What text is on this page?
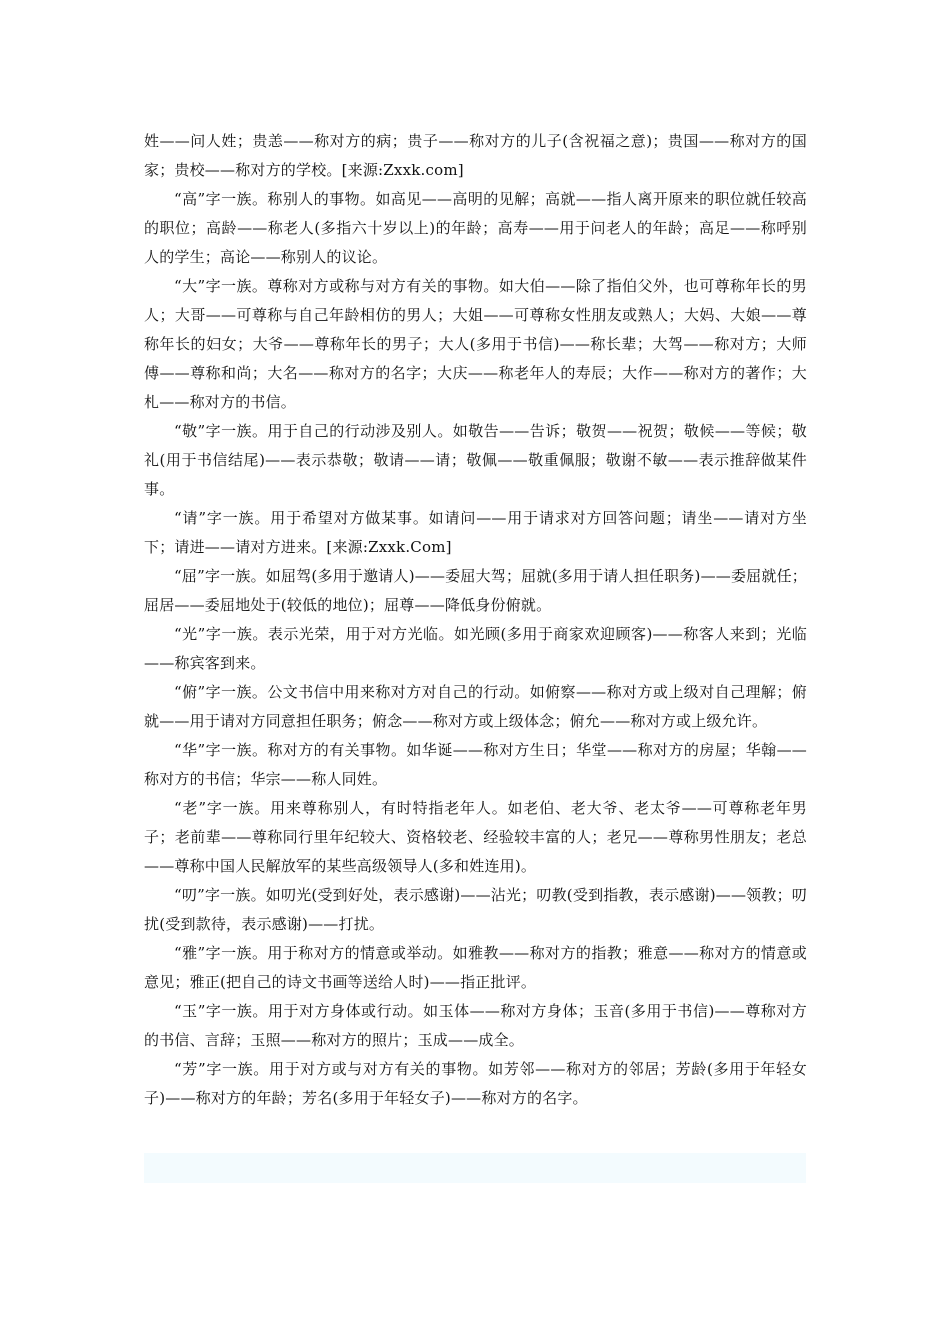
姓——问人姓；贵恙——称对方的病；贵子——称对方的儿子(含祝福之意)；贵国——称对方的国家；贵校——称对方的学校。[来源:Zxxk.com]

“高”字一族。称别人的事物。如高见——高明的见解；高就——指人离开原来的职位就任较高的职位；高龄——称老人(多指六十岁以上)的年龄；高寿——用于问老人的年龄；高足——称呼别人的学生；高论——称别人的议论。

“大”字一族。尊称对方或称与对方有关的事物。如大伯——除了指伯父外，也可尊称年长的男人；大哥——可尊称与自己年龄相仿的男人；大姐——可尊称女性朋友或熟人；大妈、大娘——尊称年长的妇女；大爷——尊称年长的男子；大人(多用于书信)——称长辈；大驾——称对方；大师傅——尊称和尚；大名——称对方的名字；大庆——称老年人的寿辰；大作——称对方的著作；大札——称对方的书信。

“敬”字一族。用于自己的行动涉及别人。如敬告——告诉；敬贺——祝贺；敬候——等候；敬礼(用于书信结尾)——表示恭敬；敬请——请；敬佩——敬重佩服；敬谢不敏——表示推辞做某件事。

“请”字一族。用于希望对方做某事。如请问——用于请求对方回答问题；请坐——请对方坐下；请进——请对方进来。[来源:Zxxk.Com]

“屈”字一族。如屈驾(多用于邀请人)——委屈大驾；屈就(多用于请人担任职务)——委屈就任；屈居——委屈地处于(较低的地位)；屈尊——降低身份俯就。

“光”字一族。表示光荣，用于对方光临。如光顾(多用于商家欢迎顾客)——称客人来到；光临——称宾客到来。

“俯”字一族。公文书信中用来称对方对自己的行动。如俯察——称对方或上级对自己理解；俯就——用于请对方同意担任职务；俯念——称对方或上级体念；俯允——称对方或上级允许。

“华”字一族。称对方的有关事物。如华诞——称对方生日；华堂——称对方的房屋；华翰——称对方的书信；华宗——称人同姓。

“老”字一族。用来尊称别人，有时特指老年人。如老伯、老大爷、老太爷——可尊称老年男子；老前辈——尊称同行里年纪较大、资格较老、经验较丰富的人；老兄——尊称男性朋友；老总——尊称中国人民解放军的某些高级领导人(多和姓连用)。

“叨”字一族。如叨光(受到好处，表示感谢)——沾光；叨教(受到指教，表示感谢)——领教；叨扰(受到款待，表示感谢)——打扰。

“雅”字一族。用于称对方的情意或举动。如雅教——称对方的指教；雅意——称对方的情意或意见；雅正(把自己的诗文书画等送给人时)——指正批评。

“玉”字一族。用于对方身体或行动。如玉体——称对方身体；玉音(多用于书信)——尊称对方的书信、言辞；玉照——称对方的照片；玉成——成全。

“芳”字一族。用于对方或与对方有关的事物。如芳邻——称对方的邻居；芳龄(多用于年轻女子)——称对方的年龄；芳名(多用于年轻女子)——称对方的名字。
